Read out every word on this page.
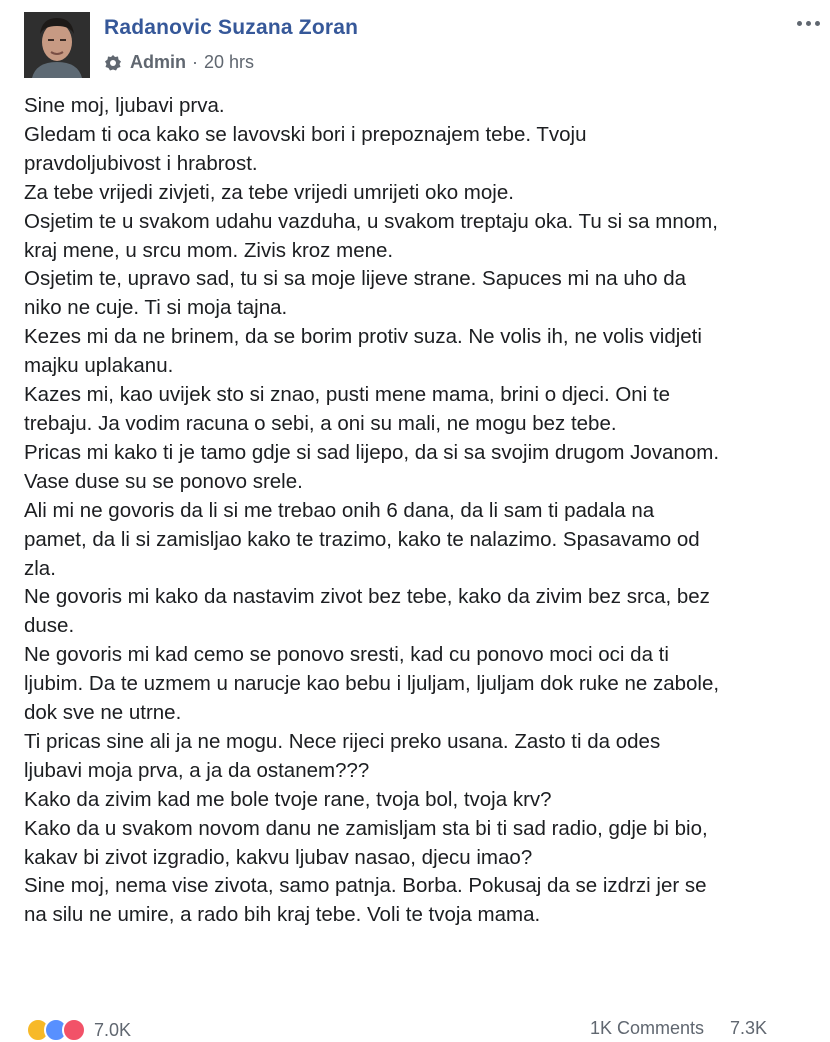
Radanovic Suzana Zoran
Admin · 20 hrs

Sine moj, ljubavi prva.

Gledam ti oca kako se lavovski bori i prepoznajem tebe. Tvoju

pravdoljubivost i hrabrost.

Za tebe vrijedi zivjeti, za tebe vrijedi umrijeti oko moje.

Osjetim te u svakom udahu vazduha, u svakom treptaju oka. Tu si sa mnom,

kraj mene, u srcu mom. Zivis kroz mene.

Osjetim te, upravo sad, tu si sa moje lijeve strane. Sapuces mi na uho da

niko ne cuje. Ti si moja tajna.

Kezes mi da ne brinem, da se borim protiv suza. Ne volis ih, ne volis vidjeti

majku uplakanu.

Kazes mi, kao uvijek sto si znao, pusti mene mama, brini o djeci. Oni te

trebaju. Ja vodim racuna o sebi, a oni su mali, ne mogu bez tebe.

Pricas mi kako ti je tamo gdje si sad lijepo, da si sa svojim drugom Jovanom.

Vase duse su se ponovo srele.

Ali mi ne govoris da li si me trebao onih 6 dana, da li sam ti padala na

pamet, da li si zamisljao kako te trazimo, kako te nalazimo. Spasavamo od

zla.

Ne govoris mi kako da nastavim zivot bez tebe, kako da zivim bez srca, bez

duse.

Ne govoris mi kad cemo se ponovo sresti, kad cu ponovo moci oci da ti

ljubim. Da te uzmem u narucje kao bebu i ljuljam, ljuljam dok ruke ne zabole,

dok sve ne utrne.

Ti pricas sine ali ja ne mogu. Nece rijeci preko usana. Zasto ti da odes

ljubavi moja prva, a ja da ostanem???

Kako da zivim kad me bole tvoje rane, tvoja bol, tvoja krv?

Kako da u svakom novom danu ne zamisljam sta bi ti sad radio, gdje bi bio,

kakav bi zivot izgradio, kakvu ljubav nasao, djecu imao?

Sine moj, nema vise zivota, samo patnja. Borba. Pokusaj da se izdrzi jer se

na silu ne umire, a rado bih kraj tebe. Voli te tvoja mama.

7.0K	1K Comments 7.3K
